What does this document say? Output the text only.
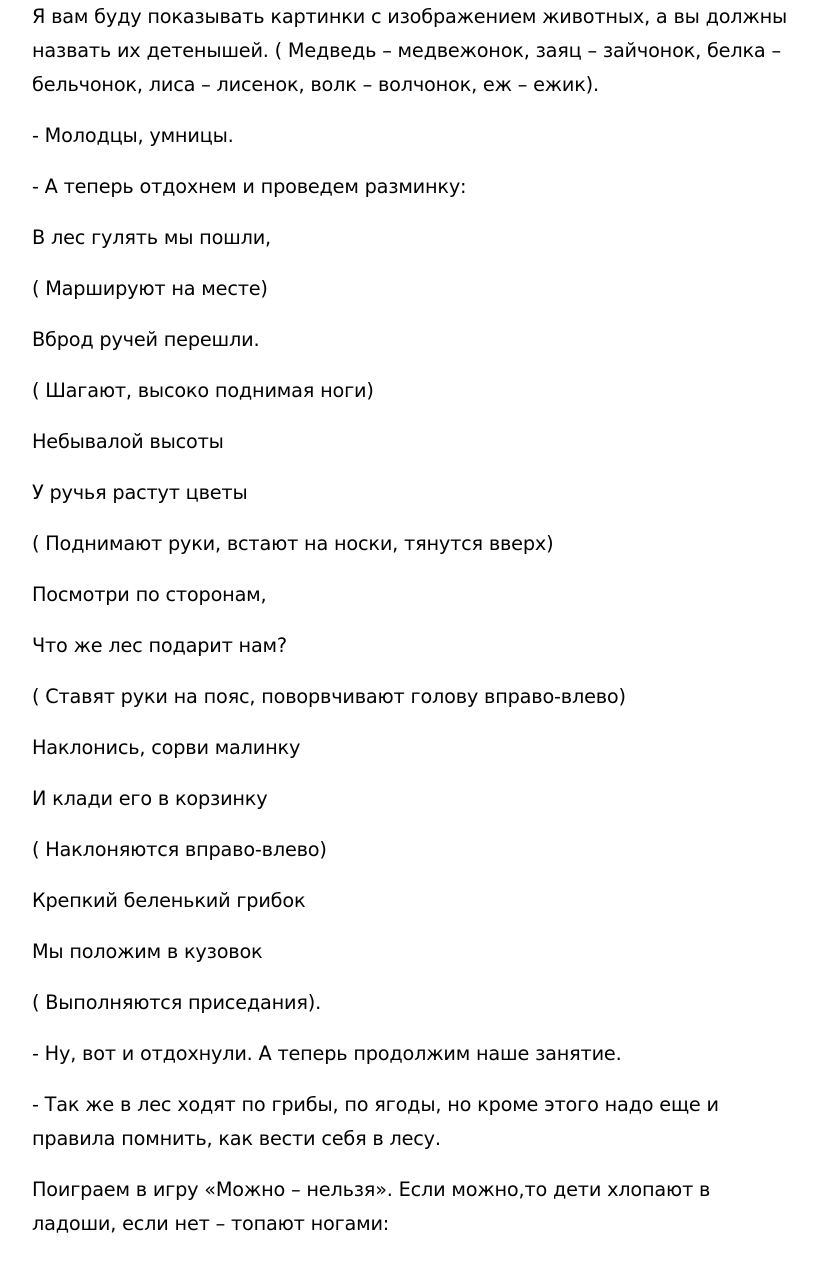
Я вам буду показывать картинки с изображением животных, а вы должны
назвать их детенышей. ( Медведь – медвежонок, заяц – зайчонок, белка –
бельчонок, лиса – лисенок, волк – волчонок, еж – ежик).
- Молодцы, умницы.
- А теперь отдохнем и проведем разминку:
В лес гулять мы пошли,
( Маршируют на месте)
Вброд ручей перешли.
( Шагают, высоко поднимая ноги)
Небывалой высоты
У ручья растут цветы
( Поднимают руки, встают на носки, тянутся вверх)
Посмотри по сторонам,
Что же лес подарит нам?
( Ставят руки на пояс, поворвчивают голову вправо-влево)
Наклонись, сорви малинку
И клади его в корзинку
( Наклоняются вправо-влево)
Крепкий беленький грибок
Мы положим в кузовок
( Выполняются приседания).
- Ну, вот и отдохнули. А теперь продолжим наше занятие.
- Так же в лес ходят по грибы, по ягоды, но кроме этого надо еще и
правила помнить, как вести себя в лесу.
Поиграем в игру «Можно – нельзя». Если можно,то дети хлопают в
ладоши, если нет – топают ногами:
